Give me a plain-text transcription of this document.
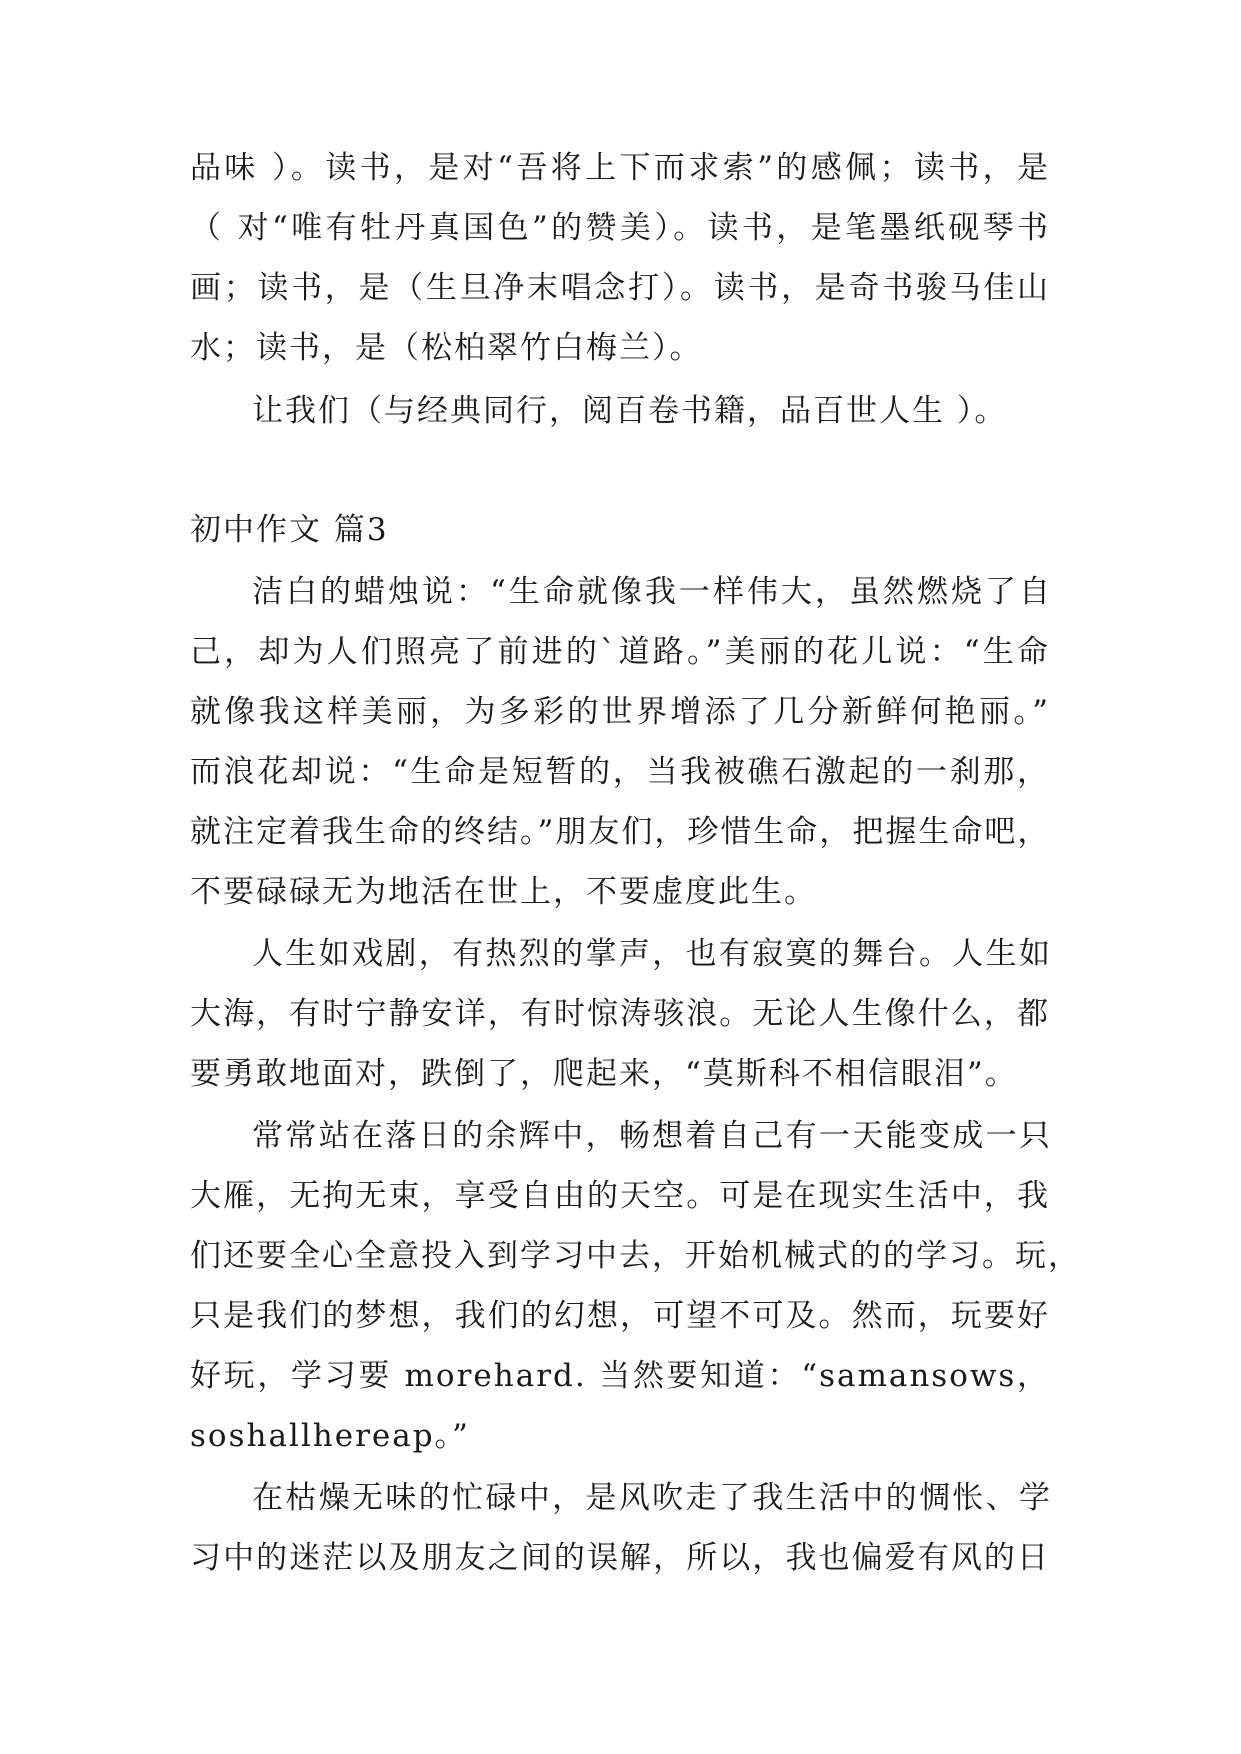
品味 ）。读书，是对“吾将上下而求索”的感佩；读书，是
（ 对“唯有牡丹真国色”的赞美）。读书，是笔墨纸砚琴书
画；读书，是（生旦净末唱念打）。读书，是奇书骏马佳山
水；读书，是（松柏翠竹白梅兰）。
让我们（与经典同行，阅百卷书籍，品百世人生 ）。
初中作文 篇3
洁白的蜡烛说：“生命就像我一样伟大，虽然燃烧了自
己，却为人们照亮了前进的`道路。”美丽的花儿说：“生命
就像我这样美丽，为多彩的世界增添了几分新鲜何艳丽。”
而浪花却说：“生命是短暂的，当我被礁石激起的一刹那，
就注定着我生命的终结。”朋友们，珍惜生命，把握生命吧，
不要碌碌无为地活在世上，不要虚度此生。
人生如戏剧，有热烈的掌声，也有寂寞的舞台。人生如
大海，有时宁静安详，有时惊涛骇浪。无论人生像什么，都
要勇敢地面对，跌倒了，爬起来，“莫斯科不相信眼泪”。
常常站在落日的余辉中，畅想着自己有一天能变成一只
大雁，无拘无束，享受自由的天空。可是在现实生活中，我
们还要全心全意投入到学习中去，开始机械式的的学习。玩，
只是我们的梦想，我们的幻想，可望不可及。然而，玩要好
好玩，学习要 morehard. 当然要知道：“samansows，
soshallhereap。”
在枯燥无味的忙碌中，是风吹走了我生活中的惆怅、学
习中的迷茫以及朋友之间的误解，所以，我也偏爱有风的日
